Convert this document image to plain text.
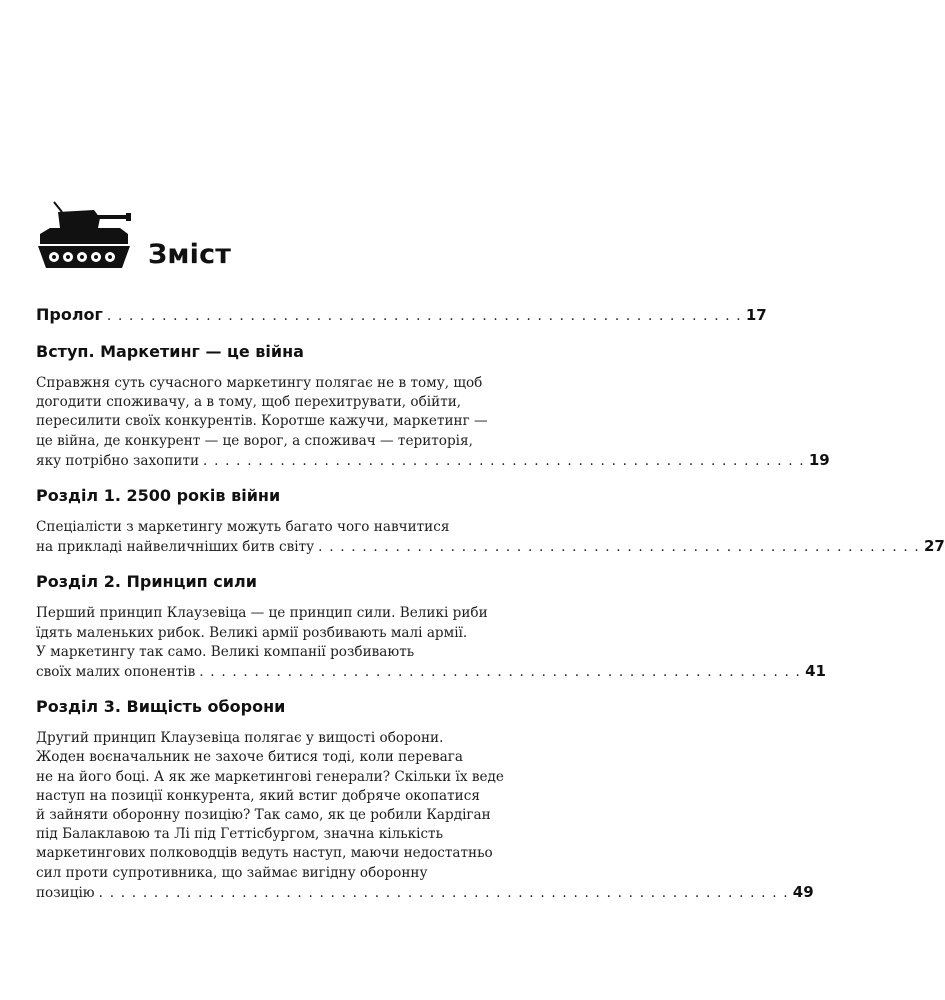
Зміст
Пролог . . . . . . . . . . . . . . . . . . . . . . . . . . . . . . . . . . . . . . . . . . . . . . . . . . . . . . . . . . 17
Вступ. Маркетинг — це війна
Справжня суть сучасного маркетингу полягає не в тому, щоб
догодити споживачу, а в тому, щоб перехитрувати, обійти,
пересилити своїх конкурентів. Коротше кажучи, маркетинг —
це війна, де конкурент — це ворог, а споживач — територія,
яку потрібно захопити . . . . . . . . . . . . . . . . . . . . . . . . . . . . . . . . . . . . . . . . . . . . . . . . . . . . . . . 19
Розділ 1. 2500 років війни
Спеціалісти з маркетингу можуть багато чого навчитися
на прикладі найвеличніших битв світу . . . . . . . . . . . . . . . . . . . . . . . . . . . . . . . . . . . . . . . . . . . . . . . . . . . . . . . 27
Розділ 2. Принцип сили
Перший принцип Клаузевіца — це принцип сили. Великі риби
їдять маленьких рибок. Великі армії розбивають малі армії.
У маркетингу так само. Великі компанії розбивають
своїх малих опонентів . . . . . . . . . . . . . . . . . . . . . . . . . . . . . . . . . . . . . . . . . . . . . . . . . . . . . . . 41
Розділ 3. Вищість оборони
Другий принцип Клаузевіца полягає у вищості оборони.
Жоден воєначальник не захоче битися тоді, коли перевага
не на його боці. А як же маркетингові генерали? Скільки їх веде
наступ на позиції конкурента, який встиг добряче окопатися
й зайняти оборонну позицію? Так само, як це робили Кардіган
під Балаклавою та Лі під Геттісбургом, значна кількість
маркетингових полководців ведуть наступ, маючи недостатньо
сил проти супротивника, що займає вигідну оборонну
позицію . . . . . . . . . . . . . . . . . . . . . . . . . . . . . . . . . . . . . . . . . . . . . . . . . . . . . . . . . . . . . . . 49
